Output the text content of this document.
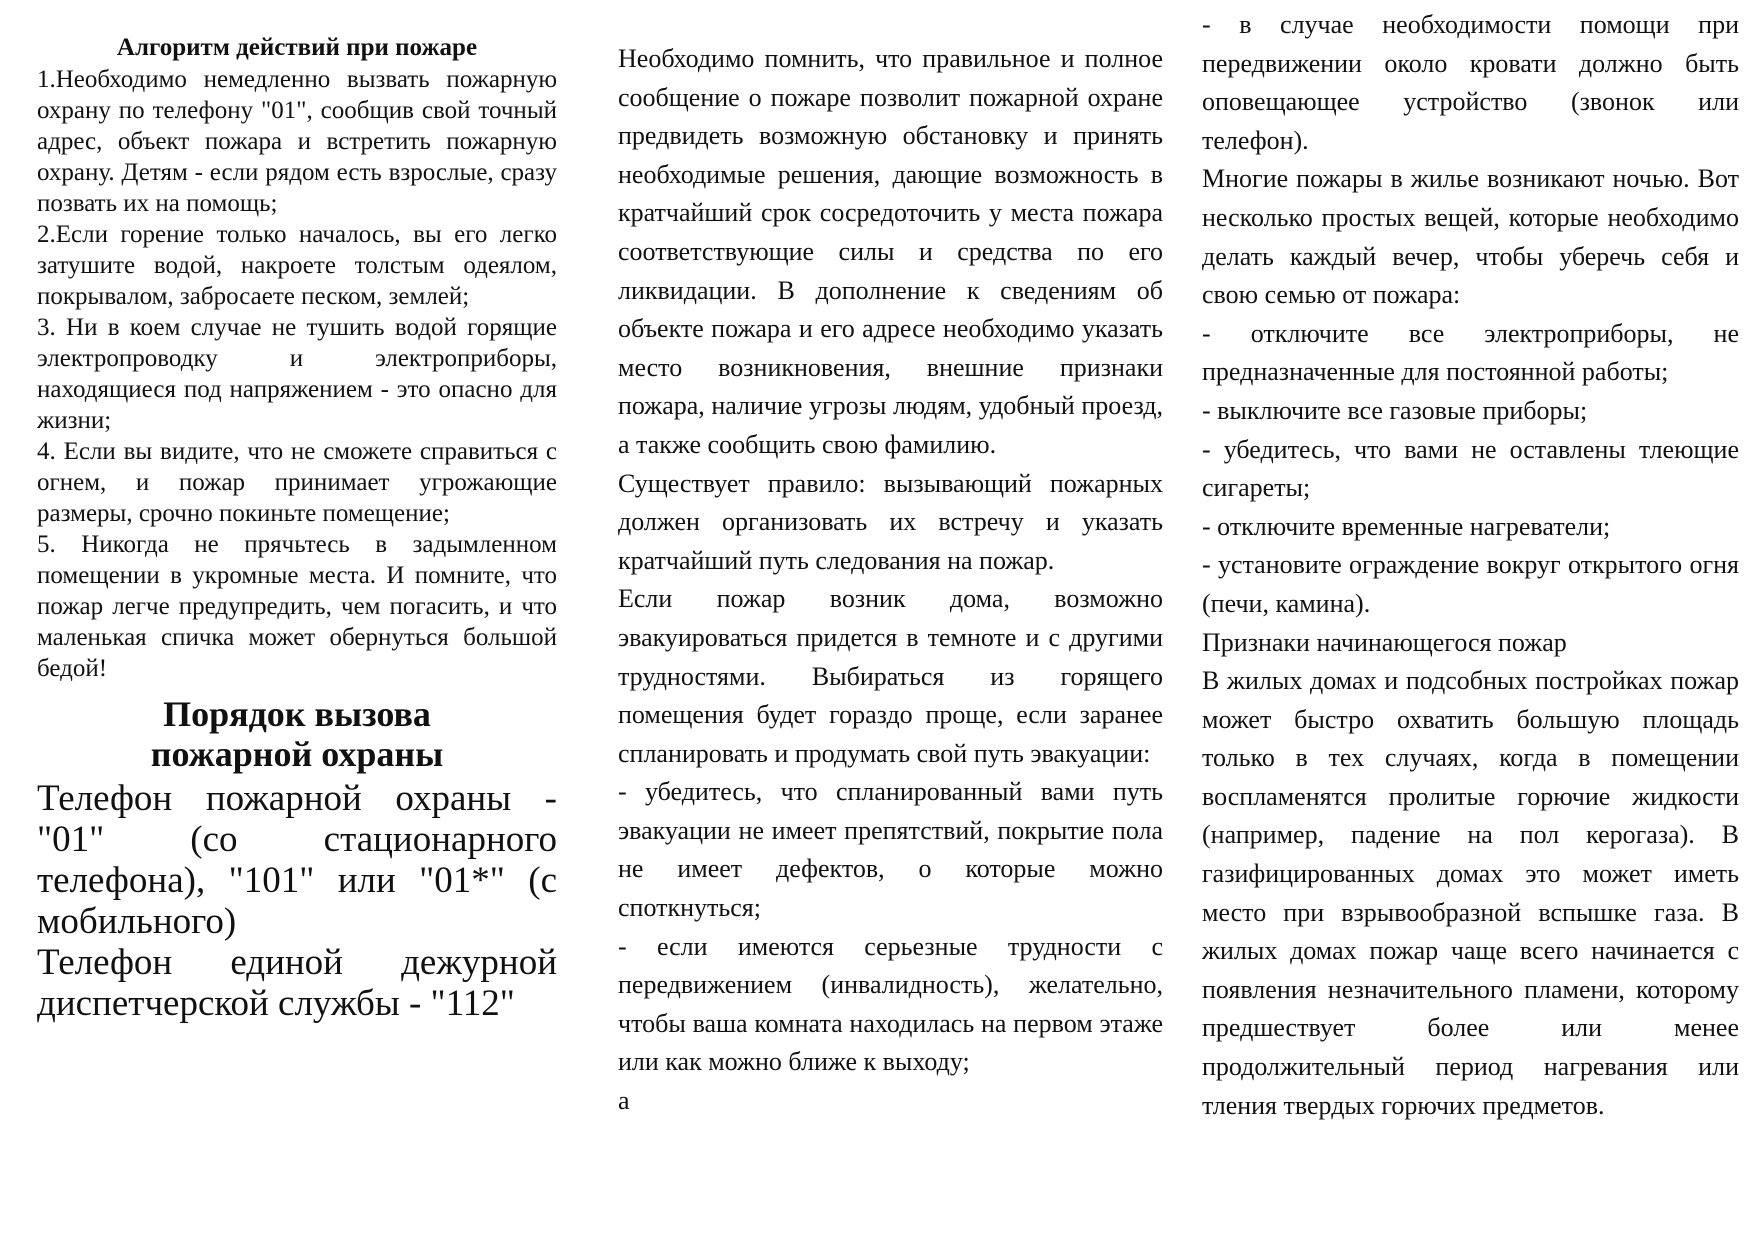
Алгоритм действий при пожаре

1.Необходимо немедленно вызвать пожарную охрану по телефону "01", сообщив свой точный адрес, объект пожара и встретить пожарную охрану. Детям - если рядом есть взрослые, сразу позвать их на помощь;

2.Если горение только началось, вы его легко затушите водой, накроете толстым одеялом, покрывалом, забросаете песком, землей;

3. Ни в коем случае не тушить водой горящие электропроводку и электроприборы, находящиеся под напряжением - это опасно для жизни;

4. Если вы видите, что не сможете справиться с огнем, и пожар принимает угрожающие размеры, срочно покиньте помещение;

5. Никогда не прячьтесь в задымленном помещении в укромные места. И помните, что пожар легче предупредить, чем погасить, и что маленькая спичка может обернуться большой бедой!

Порядок вызова
пожарной охраны

Телефон пожарной охраны - "01" (со стационарного телефона), "101" или "01*" (с мобильного)

Телефон единой дежурной диспетчерской службы - "112"

Необходимо помнить, что правильное и полное сообщение о пожаре позволит пожарной охране предвидеть возможную обстановку и принять необходимые решения, дающие возможность в кратчайший срок сосредоточить у места пожара соответствующие силы и средства по его ликвидации. В дополнение к сведениям об объекте пожара и его адресе необходимо указать место возникновения, внешние признаки пожара, наличие угрозы людям, удобный проезд, а также сообщить свою фамилию.

Существует правило: вызывающий пожарных должен организовать их встречу и указать кратчайший путь следования на пожар.

Если пожар возник дома, возможно эвакуироваться придется в темноте и с другими трудностями. Выбираться из горящего помещения будет гораздо проще, если заранее спланировать и продумать свой путь эвакуации:

- убедитесь, что спланированный вами путь эвакуации не имеет препятствий, покрытие пола не имеет дефектов, о которые можно споткнуться;

- если имеются серьезные трудности с передвижением (инвалидность), желательно, чтобы ваша комната находилась на первом этаже или как можно ближе к выходу;

а

- в случае необходимости помощи при передвижении около кровати должно быть оповещающее устройство (звонок или телефон).

Многие пожары в жилье возникают ночью. Вот несколько простых вещей, которые необходимо делать каждый вечер, чтобы уберечь себя и свою семью от пожара:

- отключите все электроприборы, не предназначенные для постоянной работы;

- выключите все газовые приборы;

- убедитесь, что вами не оставлены тлеющие сигареты;

- отключите временные нагреватели;

- установите ограждение вокруг открытого огня (печи, камина).

Признаки начинающегося пожар

В жилых домах и подсобных постройках пожар может быстро охватить большую площадь только в тех случаях, когда в помещении воспламенятся пролитые горючие жидкости (например, падение на пол керогаза). В газифицированных домах это может иметь место при взрывообразной вспышке газа. В жилых домах пожар чаще всего начинается с появления незначительного пламени, которому предшествует более или менее продолжительный период нагревания или тления твердых горючих предметов.
